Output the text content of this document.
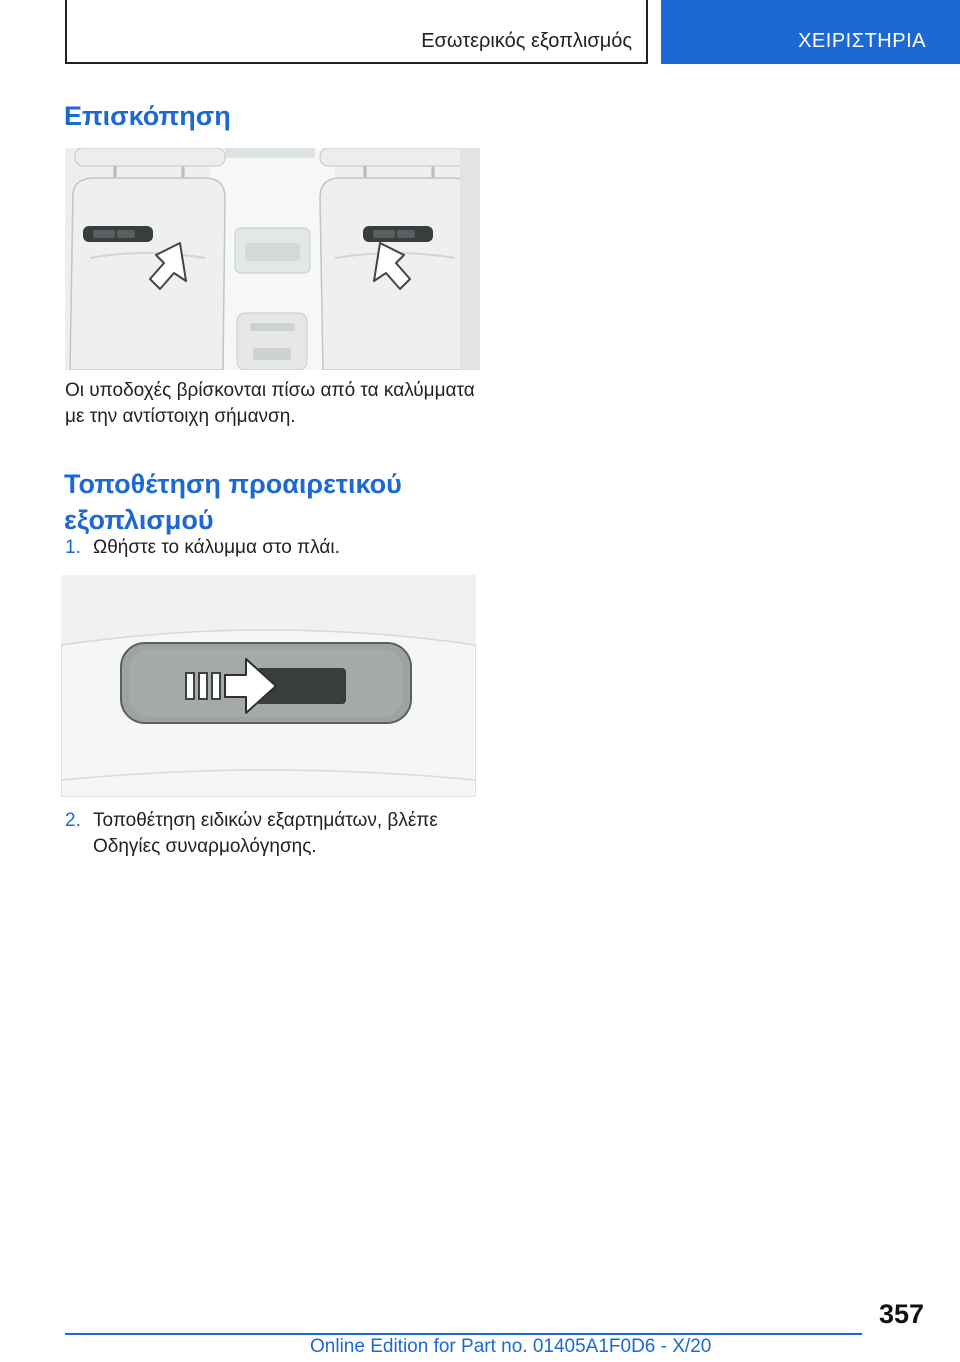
Εσωτερικός εξοπλισμός	ΧΕΙΡΙΣΤΗΡΙΑ
Επισκόπηση

Οι υποδοχές βρίσκονται πίσω από τα καλύμματα με την αντίστοιχη σήμανση.

Τοποθέτηση προαιρετικού εξοπλισμού
1. Ωθήστε το κάλυμμα στο πλάι.
2. Τοποθέτηση ειδικών εξαρτημάτων, βλέπε Οδηγίες συναρμολόγησης.
357
Online Edition for Part no. 01405A1F0D6 - X/20
